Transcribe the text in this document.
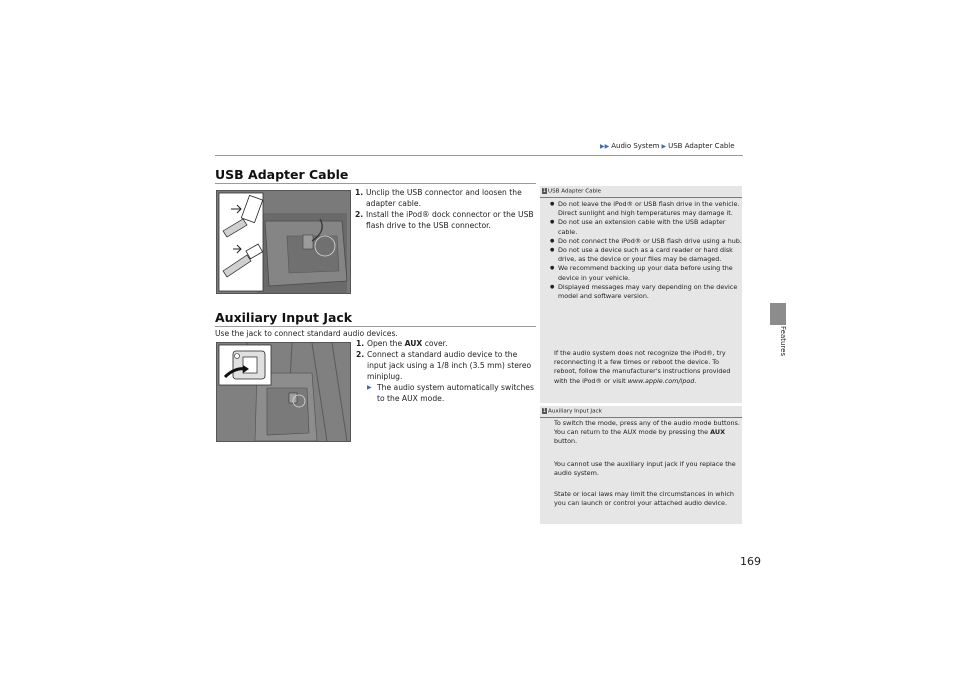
▶▶ Audio System ▶ USB Adapter Cable
USB Adapter Cable
1. Unclip the USB connector and loosen the adapter cable.
2. Install the iPod® dock connector or the USB flash drive to the USB connector.
Auxiliary Input Jack
Use the jack to connect standard audio devices.
1. Open the AUX cover.
2. Connect a standard audio device to the input jack using a 1/8 inch (3.5 mm) stereo miniplug.
▶ The audio system automatically switches to the AUX mode.
1 USB Adapter Cable
● Do not leave the iPod® or USB flash drive in the vehicle. Direct sunlight and high temperatures may damage it.
● Do not use an extension cable with the USB adapter cable.
● Do not connect the iPod® or USB flash drive using a hub.
● Do not use a device such as a card reader or hard disk drive, as the device or your files may be damaged.
● We recommend backing up your data before using the device in your vehicle.
● Displayed messages may vary depending on the device model and software version.

If the audio system does not recognize the iPod®, try reconnecting it a few times or reboot the device. To reboot, follow the manufacturer's instructions provided with the iPod® or visit www.apple.com/ipod.

1 Auxiliary Input Jack

To switch the mode, press any of the audio mode buttons. You can return to the AUX mode by pressing the AUX button.

You cannot use the auxiliary input jack if you replace the audio system.

State or local laws may limit the circumstances in which you can launch or control your attached audio device.

Features
169
